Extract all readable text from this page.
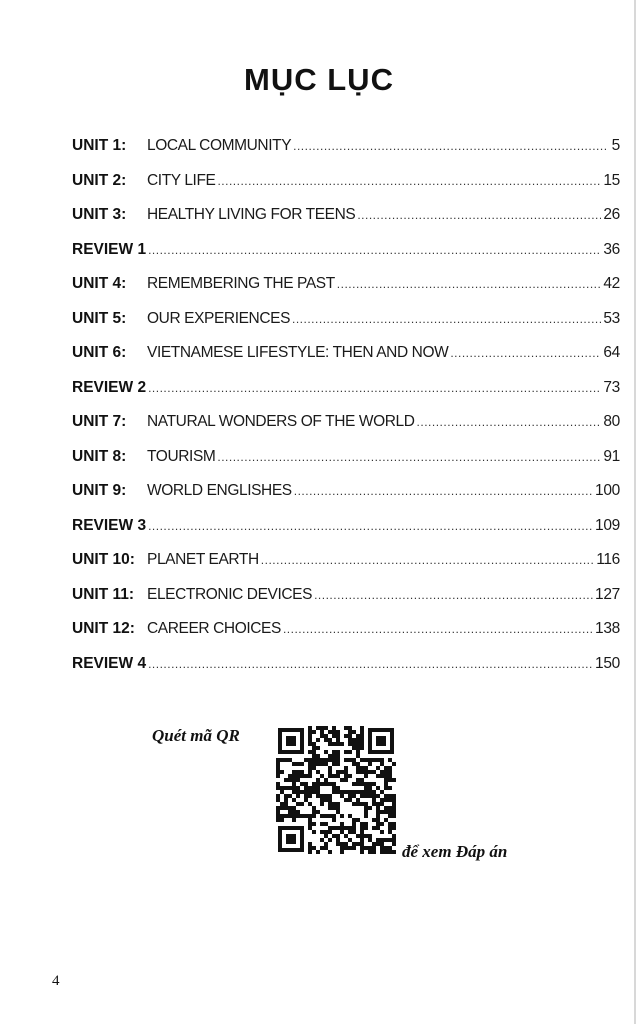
MỤC LỤC
UNIT 1:	LOCAL COMMUNITY .....	5
UNIT 2:	CITY LIFE .....	15
UNIT 3:	HEALTHY LIVING FOR TEENS .....	26
REVIEW 1 .....	36
UNIT 4:	REMEMBERING THE PAST .....	42
UNIT 5:	OUR EXPERIENCES .....	53
UNIT 6:	VIETNAMESE LIFESTYLE: THEN AND NOW .....	64
REVIEW 2 .....	73
UNIT 7:	NATURAL WONDERS OF THE WORLD .....	80
UNIT 8:	TOURISM .....	91
UNIT 9:	WORLD ENGLISHES .....	100
REVIEW 3 .....	109
UNIT 10: PLANET EARTH .....	116
UNIT 11: ELECTRONIC DEVICES .....	127
UNIT 12: CAREER CHOICES .....	138
REVIEW 4 .....	150
Quét mã QR
để xem Đáp án
4
